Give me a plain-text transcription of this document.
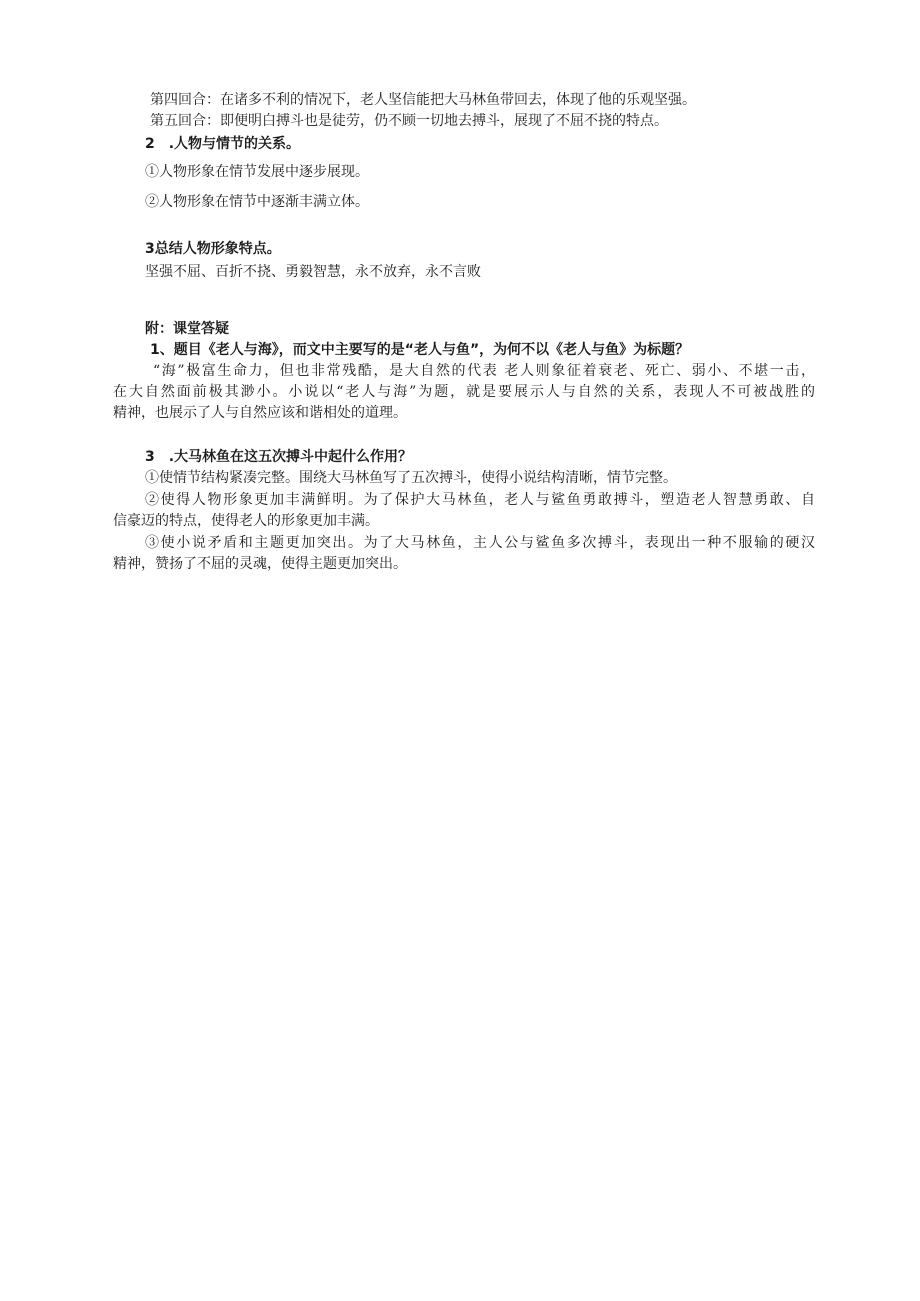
第四回合：在诸多不利的情况下，老人坚信能把大马林鱼带回去，体现了他的乐观坚强。
第五回合：即便明白搏斗也是徒劳，仍不顾一切地去搏斗，展现了不屈不挠的特点。
2　.人物与情节的关系。
①人物形象在情节发展中逐步展现。
②人物形象在情节中逐渐丰满立体。
3总结人物形象特点。
坚强不屈、百折不挠、勇毅智慧，永不放弃，永不言败
附：课堂答疑
1、题目《老人与海》，而文中主要写的是“老人与鱼”，为何不以《老人与鱼》为标题？
“海”极富生命力，但也非常残酷，是大自然的代表 老人则象征着衰老、死亡、弱小、不堪一击，
在大自然面前极其渺小。小说以“老人与海”为题，就是要展示人与自然的关系，表现人不可被战胜的
精神，也展示了人与自然应该和谐相处的道理。
3　.大马林鱼在这五次搏斗中起什么作用？
①使情节结构紧凑完整。围绕大马林鱼写了五次搏斗，使得小说结构清晰，情节完整。
②使得人物形象更加丰满鲜明。为了保护大马林鱼，老人与鲨鱼勇敢搏斗，塑造老人智慧勇敢、自
信豪迈的特点，使得老人的形象更加丰满。
③使小说矛盾和主题更加突出。为了大马林鱼，主人公与鲨鱼多次搏斗，表现出一种不服输的硬汉
精神，赞扬了不屈的灵魂，使得主题更加突出。
